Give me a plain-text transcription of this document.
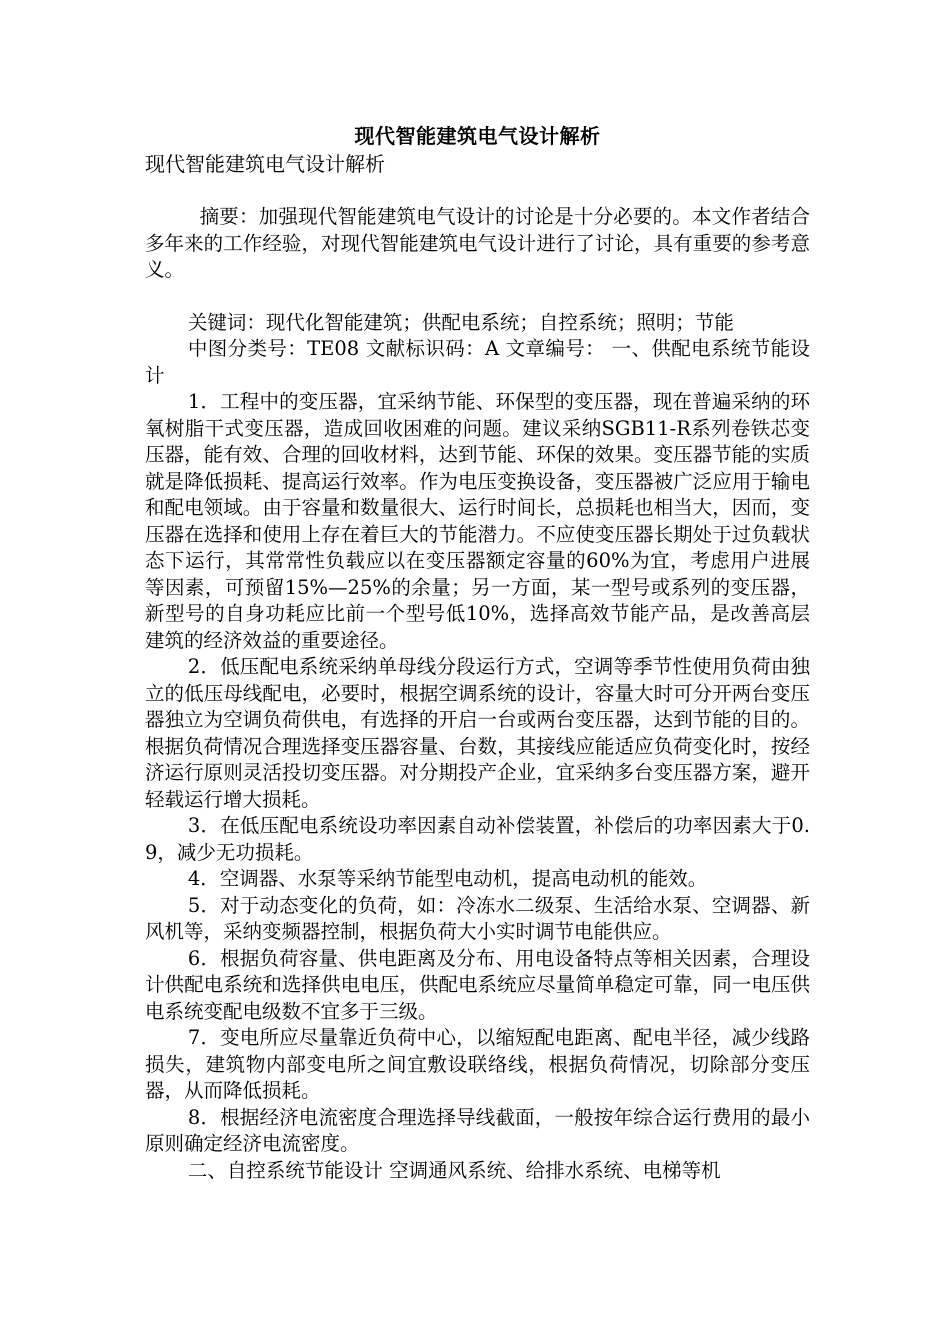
现代智能建筑电气设计解析

现代智能建筑电气设计解析

摘要：加强现代智能建筑电气设计的讨论是十分必要的。本文作者结合多年来的工作经验，对现代智能建筑电气设计进行了讨论，具有重要的参考意义。

关键词：现代化智能建筑；供配电系统；自控系统；照明；节能

中图分类号：TE08 文献标识码：A 文章编号： 一、供配电系统节能设计

1．工程中的变压器，宜采纳节能、环保型的变压器，现在普遍采纳的环氧树脂干式变压器，造成回收困难的问题。建议采纳SGB11-R系列卷铁芯变压器，能有效、合理的回收材料，达到节能、环保的效果。变压器节能的实质就是降低损耗、提高运行效率。作为电压变换设备，变压器被广泛应用于输电和配电领域。由于容量和数量很大、运行时间长，总损耗也相当大，因而，变压器在选择和使用上存在着巨大的节能潜力。不应使变压器长期处于过负载状态下运行，其常常性负载应以在变压器额定容量的60%为宜，考虑用户进展等因素，可预留15%—25%的余量；另一方面，某一型号或系列的变压器，新型号的自身功耗应比前一个型号低10%，选择高效节能产品，是改善高层建筑的经济效益的重要途径。

2．低压配电系统采纳单母线分段运行方式，空调等季节性使用负荷由独立的低压母线配电，必要时，根据空调系统的设计，容量大时可分开两台变压器独立为空调负荷供电，有选择的开启一台或两台变压器，达到节能的目的。根据负荷情况合理选择变压器容量、台数，其接线应能适应负荷变化时，按经济运行原则灵活投切变压器。对分期投产企业，宜采纳多台变压器方案，避开轻载运行增大损耗。

3．在低压配电系统设功率因素自动补偿装置，补偿后的功率因素大于0.9，减少无功损耗。

4．空调器、水泵等采纳节能型电动机，提高电动机的能效。

5．对于动态变化的负荷，如：冷冻水二级泵、生活给水泵、空调器、新风机等，采纳变频器控制，根据负荷大小实时调节电能供应。

6．根据负荷容量、供电距离及分布、用电设备特点等相关因素，合理设计供配电系统和选择供电电压，供配电系统应尽量简单稳定可靠，同一电压供电系统变配电级数不宜多于三级。

7．变电所应尽量靠近负荷中心，以缩短配电距离、配电半径，减少线路损失，建筑物内部变电所之间宜敷设联络线，根据负荷情况，切除部分变压器，从而降低损耗。

8．根据经济电流密度合理选择导线截面，一般按年综合运行费用的最小原则确定经济电流密度。

二、自控系统节能设计 空调通风系统、给排水系统、电梯等机
